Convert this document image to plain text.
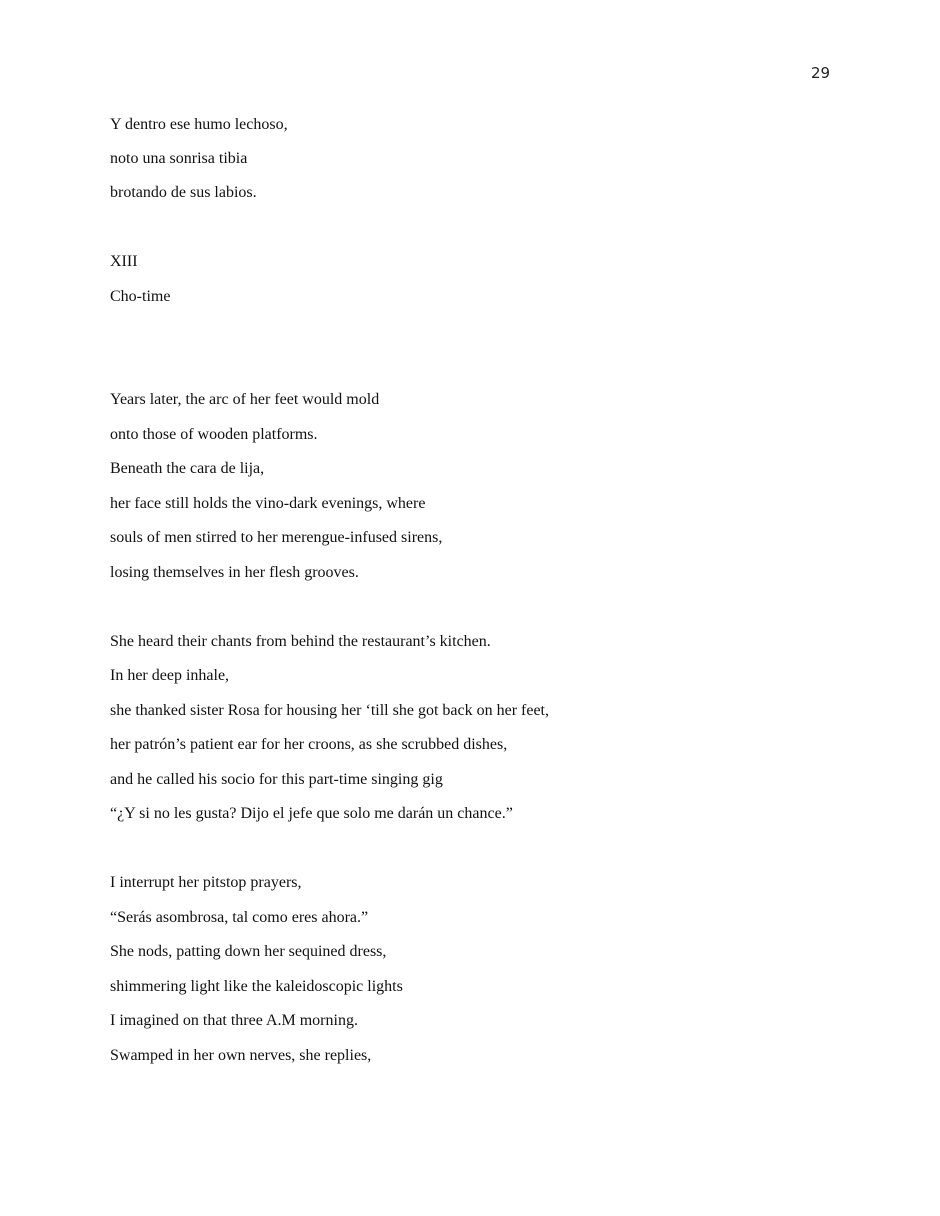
29
Y dentro ese humo lechoso,
noto una sonrisa tibia
brotando de sus labios.
XIII
Cho-time
Years later, the arc of her feet would mold
onto those of wooden platforms.
Beneath the cara de lija,
her face still holds the vino-dark evenings, where
souls of men stirred to her merengue-infused sirens,
losing themselves in her flesh grooves.
She heard their chants from behind the restaurant’s kitchen.
In her deep inhale,
she thanked sister Rosa for housing her ‘till she got back on her feet,
her patrón’s patient ear for her croons, as she scrubbed dishes,
and he called his socio for this part-time singing gig
“¿Y si no les gusta? Dijo el jefe que solo me darán un chance.”
I interrupt her pitstop prayers,
“Serás asombrosa, tal como eres ahora.”
She nods, patting down her sequined dress,
shimmering light like the kaleidoscopic lights
I imagined on that three A.M morning.
Swamped in her own nerves, she replies,
